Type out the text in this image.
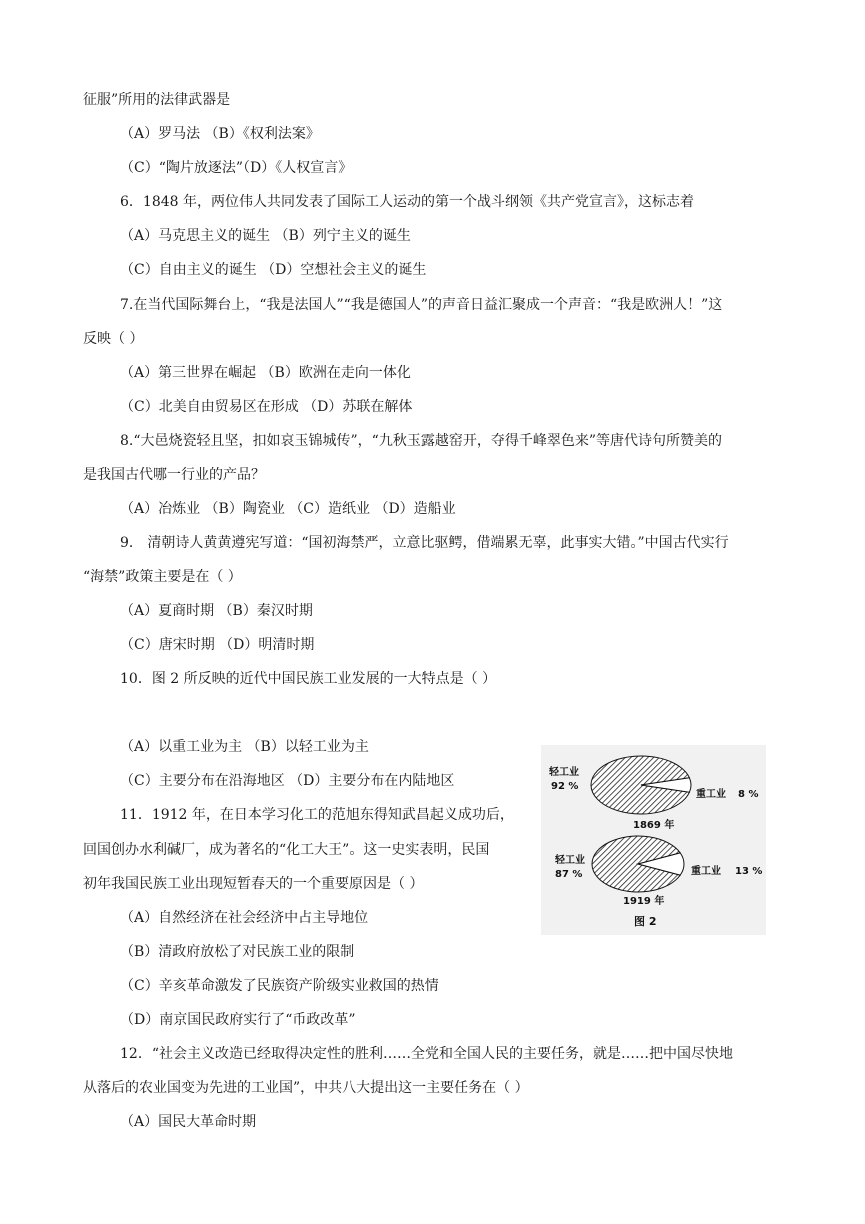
征服”所用的法律武器是
（A）罗马法 （B）《权利法案》
（C）“陶片放逐法”（D）《人权宣言》
6．1848 年，两位伟人共同发表了国际工人运动的第一个战斗纲领《共产党宣言》，这标志着
（A）马克思主义的诞生 （B）列宁主义的诞生
（C）自由主义的诞生 （D）空想社会主义的诞生
7.在当代国际舞台上，“我是法国人”“我是德国人”的声音日益汇聚成一个声音：“我是欧洲人！”这
反映（ ）
（A）第三世界在崛起 （B）欧洲在走向一体化
（C）北美自由贸易区在形成 （D）苏联在解体
8.“大邑烧瓷轻且坚，扣如哀玉锦城传”，“九秋玉露越窑开，夺得千峰翠色来”等唐代诗句所赞美的
是我国古代哪一行业的产品？
（A）冶炼业 （B）陶瓷业 （C）造纸业 （D）造船业
9． 清朝诗人黄黄遵宪写道：“国初海禁严，立意比驱鳄，借端累无辜，此事实大错。”中国古代实行
“海禁”政策主要是在（ ）
（A）夏商时期 （B）秦汉时期
（C）唐宋时期 （D）明清时期
10．图 2 所反映的近代中国民族工业发展的一大特点是（ ）
（A）以重工业为主 （B）以轻工业为主
（C）主要分布在沿海地区 （D）主要分布在内陆地区
11．1912 年，在日本学习化工的范旭东得知武昌起义成功后，
回国创办水利碱厂，成为著名的“化工大王”。这一史实表明，民国
初年我国民族工业出现短暂春天的一个重要原因是（ ）
（A）自然经济在社会经济中占主导地位
（B）清政府放松了对民族工业的限制
（C）辛亥革命激发了民族资产阶级实业救国的热情
（D）南京国民政府实行了“币政改革”
12．“社会主义改造已经取得决定性的胜利……全党和全国人民的主要任务，就是……把中国尽快地
从落后的农业国变为先进的工业国”，中共八大提出这一主要任务在（ ）
（A）国民大革命时期
轻工业
92 %
重工业 8 %
1869 年
轻工业
87 %	重工业 13 %
1919 年
图 2
